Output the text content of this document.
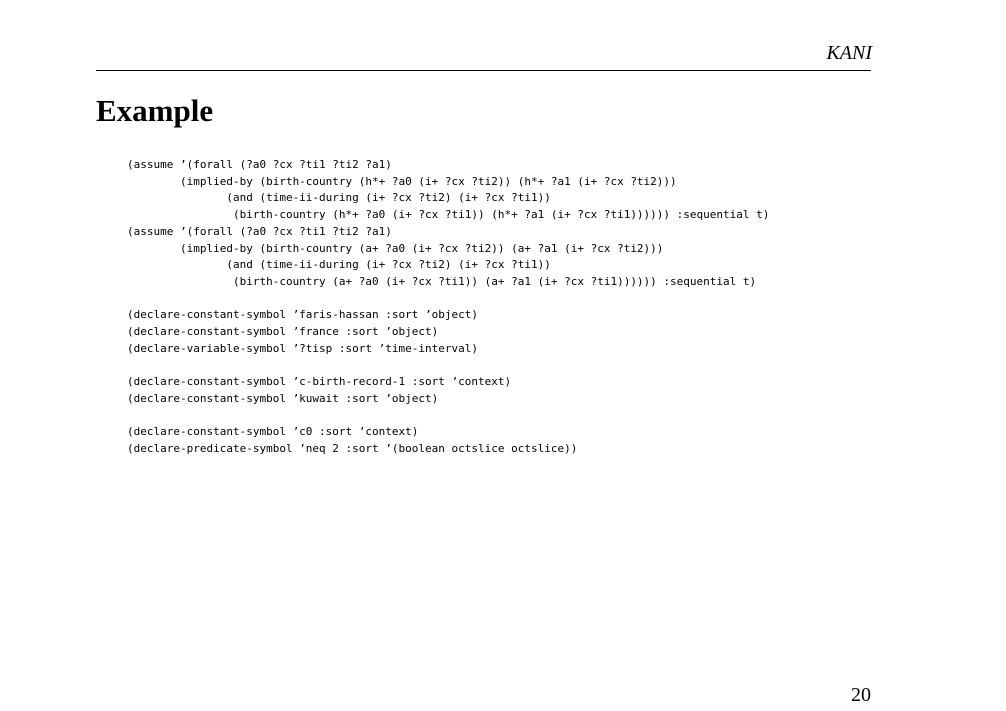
KANI
Example
(assume ’(forall (?a0 ?cx ?ti1 ?ti2 ?a1)
(implied-by (birth-country (h*+ ?a0 (i+ ?cx ?ti2)) (h*+ ?a1 (i+ ?cx ?ti2)))
(and (time-ii-during (i+ ?cx ?ti2) (i+ ?cx ?ti1))
(birth-country (h*+ ?a0 (i+ ?cx ?ti1)) (h*+ ?a1 (i+ ?cx ?ti1)))))) :sequential t)
(assume ’(forall (?a0 ?cx ?ti1 ?ti2 ?a1)
(implied-by (birth-country (a+ ?a0 (i+ ?cx ?ti2)) (a+ ?a1 (i+ ?cx ?ti2)))
(and (time-ii-during (i+ ?cx ?ti2) (i+ ?cx ?ti1))
(birth-country (a+ ?a0 (i+ ?cx ?ti1)) (a+ ?a1 (i+ ?cx ?ti1)))))) :sequential t)
(declare-constant-symbol ’faris-hassan :sort ’object)
(declare-constant-symbol ’france :sort ’object)
(declare-variable-symbol ’?tisp :sort ’time-interval)
(declare-constant-symbol ’c-birth-record-1 :sort ’context)
(declare-constant-symbol ’kuwait :sort ’object)
(declare-constant-symbol ’c0 :sort ’context)
(declare-predicate-symbol ’neq 2 :sort ’(boolean octslice octslice))
20
